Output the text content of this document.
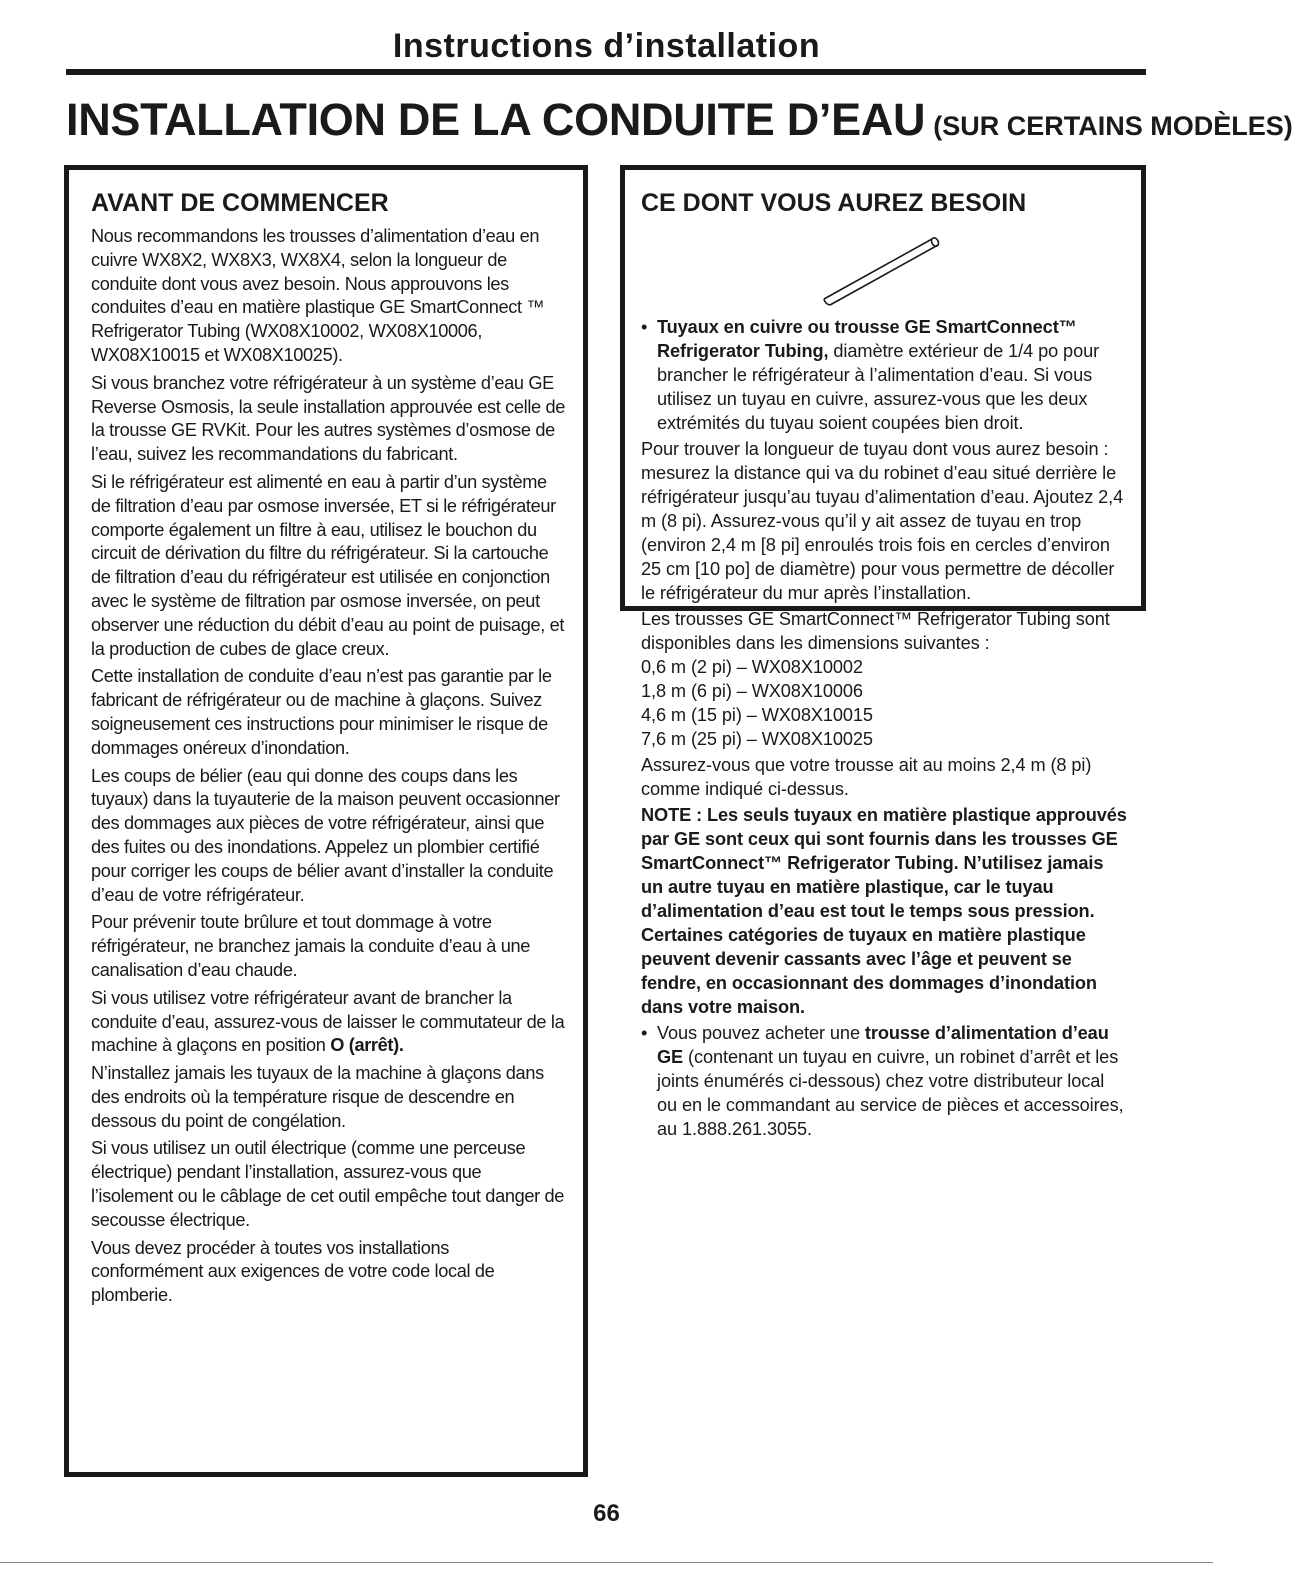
Instructions d’installation
INSTALLATION DE LA CONDUITE D’EAU (SUR CERTAINS MODÈLES)
AVANT DE COMMENCER

Nous recommandons les trousses d’alimentation d’eau en cuivre WX8X2, WX8X3, WX8X4, selon la longueur de conduite dont vous avez besoin. Nous approuvons les conduites d’eau en matière plastique GE SmartConnect ™ Refrigerator Tubing (WX08X10002, WX08X10006, WX08X10015 et WX08X10025).

Si vous branchez votre réfrigérateur à un système d’eau GE Reverse Osmosis, la seule installation approuvée est celle de la trousse GE RVKit. Pour les autres systèmes d’osmose de l’eau, suivez les recommandations du fabricant.

Si le réfrigérateur est alimenté en eau à partir d’un système de filtration d’eau par osmose inversée, ET si le réfrigérateur comporte également un filtre à eau, utilisez le bouchon du circuit de dérivation du filtre du réfrigérateur. Si la cartouche de filtration d’eau du réfrigérateur est utilisée en conjonction avec le système de filtration par osmose inversée, on peut observer une réduction du débit d’eau au point de puisage, et la production de cubes de glace creux.

Cette installation de conduite d’eau n’est pas garantie par le fabricant de réfrigérateur ou de machine à glaçons. Suivez soigneusement ces instructions pour minimiser le risque de dommages onéreux d’inondation.

Les coups de bélier (eau qui donne des coups dans les tuyaux) dans la tuyauterie de la maison peuvent occasionner des dommages aux pièces de votre réfrigérateur, ainsi que des fuites ou des inondations. Appelez un plombier certifié pour corriger les coups de bélier avant d’installer la conduite d’eau de votre réfrigérateur.

Pour prévenir toute brûlure et tout dommage à votre réfrigérateur, ne branchez jamais la conduite d’eau à une canalisation d’eau chaude.

Si vous utilisez votre réfrigérateur avant de brancher la conduite d’eau, assurez-vous de laisser le commutateur de la machine à glaçons en position O (arrêt).

N’installez jamais les tuyaux de la machine à glaçons dans des endroits où la température risque de descendre en dessous du point de congélation.

Si vous utilisez un outil électrique (comme une perceuse électrique) pendant l’installation, assurez-vous que l’isolement ou le câblage de cet outil empêche tout danger de secousse électrique.

Vous devez procéder à toutes vos installations conformément aux exigences de votre code local de plomberie.

CE DONT VOUS AUREZ BESOIN
• Tuyaux en cuivre ou trousse GE SmartConnect™ Refrigerator Tubing, diamètre extérieur de 1/4 po pour brancher le réfrigérateur à l’alimentation d’eau. Si vous utilisez un tuyau en cuivre, assurez-vous que les deux extrémités du tuyau soient coupées bien droit.

Pour trouver la longueur de tuyau dont vous aurez besoin : mesurez la distance qui va du robinet d’eau situé derrière le réfrigérateur jusqu’au tuyau d’alimentation d’eau. Ajoutez 2,4 m (8 pi). Assurez-vous qu’il y ait assez de tuyau en trop (environ 2,4 m [8 pi] enroulés trois fois en cercles d’environ 25 cm [10 po] de diamètre) pour vous permettre de décoller le réfrigérateur du mur après l’installation.

Les trousses GE SmartConnect™ Refrigerator Tubing sont disponibles dans les dimensions suivantes :

0,6 m (2 pi) – WX08X10002

1,8 m (6 pi) – WX08X10006

4,6 m (15 pi) – WX08X10015

7,6 m (25 pi) – WX08X10025

Assurez-vous que votre trousse ait au moins 2,4 m (8 pi) comme indiqué ci-dessus.

NOTE : Les seuls tuyaux en matière plastique approuvés par GE sont ceux qui sont fournis dans les trousses GE SmartConnect™ Refrigerator Tubing. N’utilisez jamais un autre tuyau en matière plastique, car le tuyau d’alimentation d’eau est tout le temps sous pression. Certaines catégories de tuyaux en matière plastique peuvent devenir cassants avec l’âge et peuvent se fendre, en occasionnant des dommages d’inondation dans votre maison.

• Vous pouvez acheter une trousse d’alimentation d’eau GE (contenant un tuyau en cuivre, un robinet d’arrêt et les joints énumérés ci-dessous) chez votre distributeur local ou en le commandant au service de pièces et accessoires, au 1.888.261.3055.
66
